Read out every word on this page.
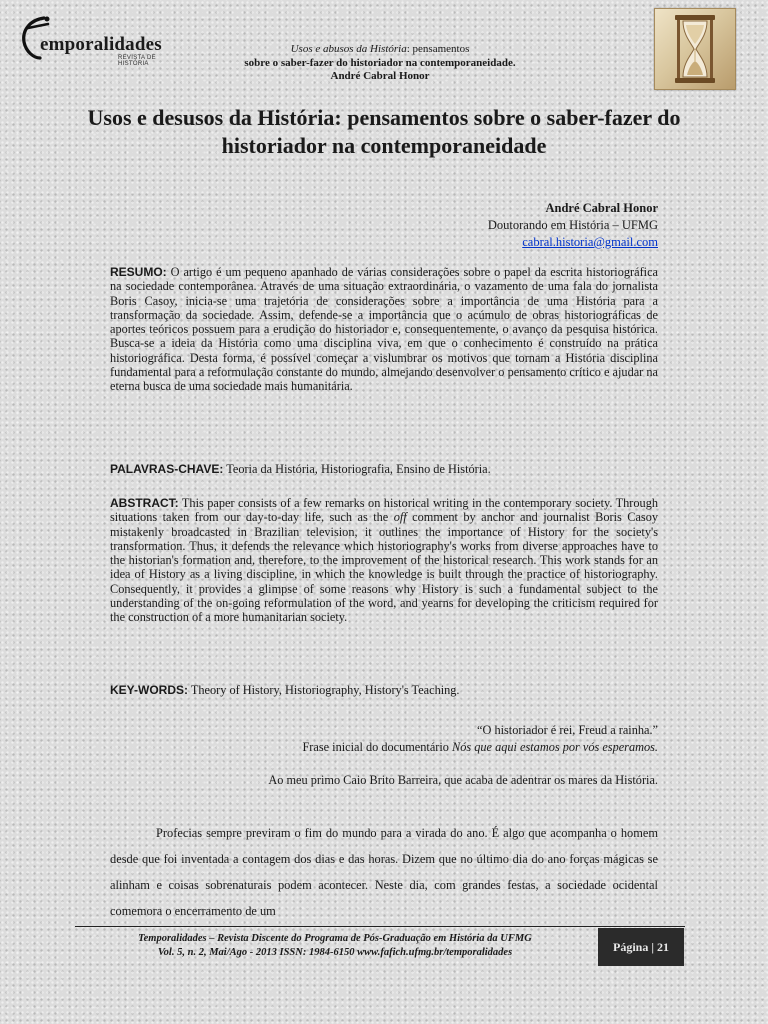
emporalidades
REVISTA DE HISTÓRIA
Usos e abusos da História: pensamentos
sobre o saber-fazer do historiador na contemporaneidade.
André Cabral Honor
Usos e desusos da História: pensamentos sobre o saber-fazer do historiador na contemporaneidade
André Cabral Honor
Doutorando em História – UFMG
cabral.historia@gmail.com
RESUMO: O artigo é um pequeno apanhado de várias considerações sobre o papel da escrita historiográfica na sociedade contemporânea. Através de uma situação extraordinária, o vazamento de uma fala do jornalista Boris Casoy, inicia-se uma trajetória de considerações sobre a importância de uma História para a transformação da sociedade. Assim, defende-se a importância que o acúmulo de obras historiográficas de aportes teóricos possuem para a erudição do historiador e, consequentemente, o avanço da pesquisa histórica. Busca-se a ideia da História como uma disciplina viva, em que o conhecimento é construído na prática historiográfica. Desta forma, é possível começar a vislumbrar os motivos que tornam a História disciplina fundamental para a reformulação constante do mundo, almejando desenvolver o pensamento crítico e ajudar na eterna busca de uma sociedade mais humanitária.
PALAVRAS-CHAVE: Teoria da História, Historiografia, Ensino de História.
ABSTRACT: This paper consists of a few remarks on historical writing in the contemporary society. Through situations taken from our day-to-day life, such as the off comment by anchor and journalist Boris Casoy mistakenly broadcasted in Brazilian television, it outlines the importance of History for the society's transformation. Thus, it defends the relevance which historiography's works from diverse approaches have to the historian's formation and, therefore, to the improvement of the historical research. This work stands for an idea of History as a living discipline, in which the knowledge is built through the practice of historiography. Consequently, it provides a glimpse of some reasons why History is such a fundamental subject to the understanding of the on-going reformulation of the word, and yearns for developing the criticism required for the construction of a more humanitarian society.
KEY-WORDS: Theory of History, Historiography, History's Teaching.
“O historiador é rei, Freud a rainha.”
Frase inicial do documentário Nós que aqui estamos por vós esperamos.
Ao meu primo Caio Brito Barreira, que acaba de adentrar os mares da História.
Profecias sempre previram o fim do mundo para a virada do ano. É algo que acompanha o homem desde que foi inventada a contagem dos dias e das horas. Dizem que no último dia do ano forças mágicas se alinham e coisas sobrenaturais podem acontecer. Neste dia, com grandes festas, a sociedade ocidental comemora o encerramento de um
Temporalidades – Revista Discente do Programa de Pós-Graduação em História da UFMG
Vol. 5, n. 2, Mai/Ago - 2013 ISSN: 1984-6150 www.fafich.ufmg.br/temporalidades	Página | 21
